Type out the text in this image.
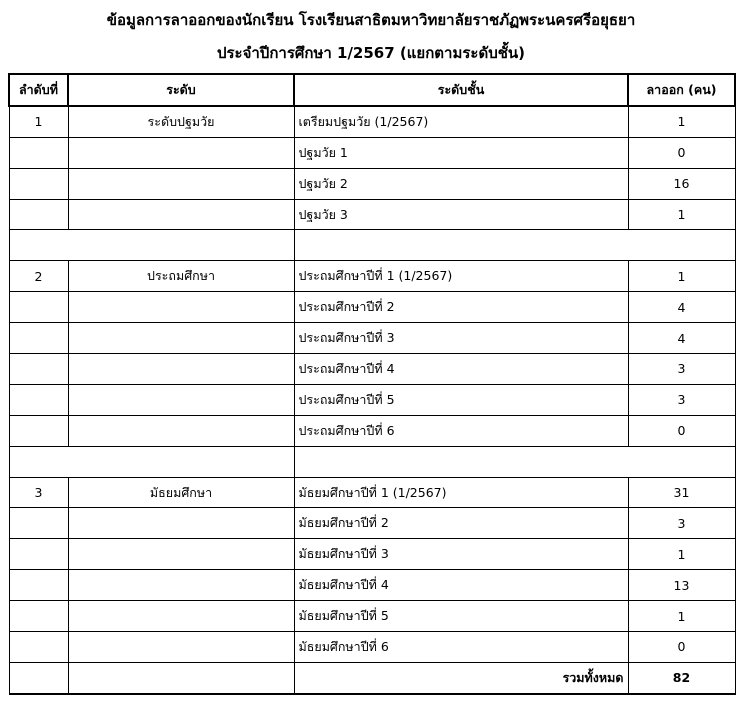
ข้อมูลการลาออกของนักเรียน โรงเรียนสาธิตมหาวิทยาลัยราชภัฏพระนครศรีอยุธยา
ประจำปีการศึกษา 1/2567 (แยกตามระดับชั้น)
ลำดับที่	ระดับ	ระดับชั้น	ลาออก (คน)
1	ระดับปฐมวัย	เตรียมปฐมวัย (1/2567)	1
		ปฐมวัย 1	0
		ปฐมวัย 2	16
		ปฐมวัย 3	1

2	ประถมศึกษา	ประถมศึกษาปีที่ 1 (1/2567)	1
		ประถมศึกษาปีที่ 2	4
		ประถมศึกษาปีที่ 3	4
		ประถมศึกษาปีที่ 4	3
		ประถมศึกษาปีที่ 5	3
		ประถมศึกษาปีที่ 6	0

3	มัธยมศึกษา	มัธยมศึกษาปีที่ 1 (1/2567)	31
		มัธยมศึกษาปีที่ 2	3
		มัธยมศึกษาปีที่ 3	1
		มัธยมศึกษาปีที่ 4	13
		มัธยมศึกษาปีที่ 5	1
		มัธยมศึกษาปีที่ 6	0
		รวมทั้งหมด	82
